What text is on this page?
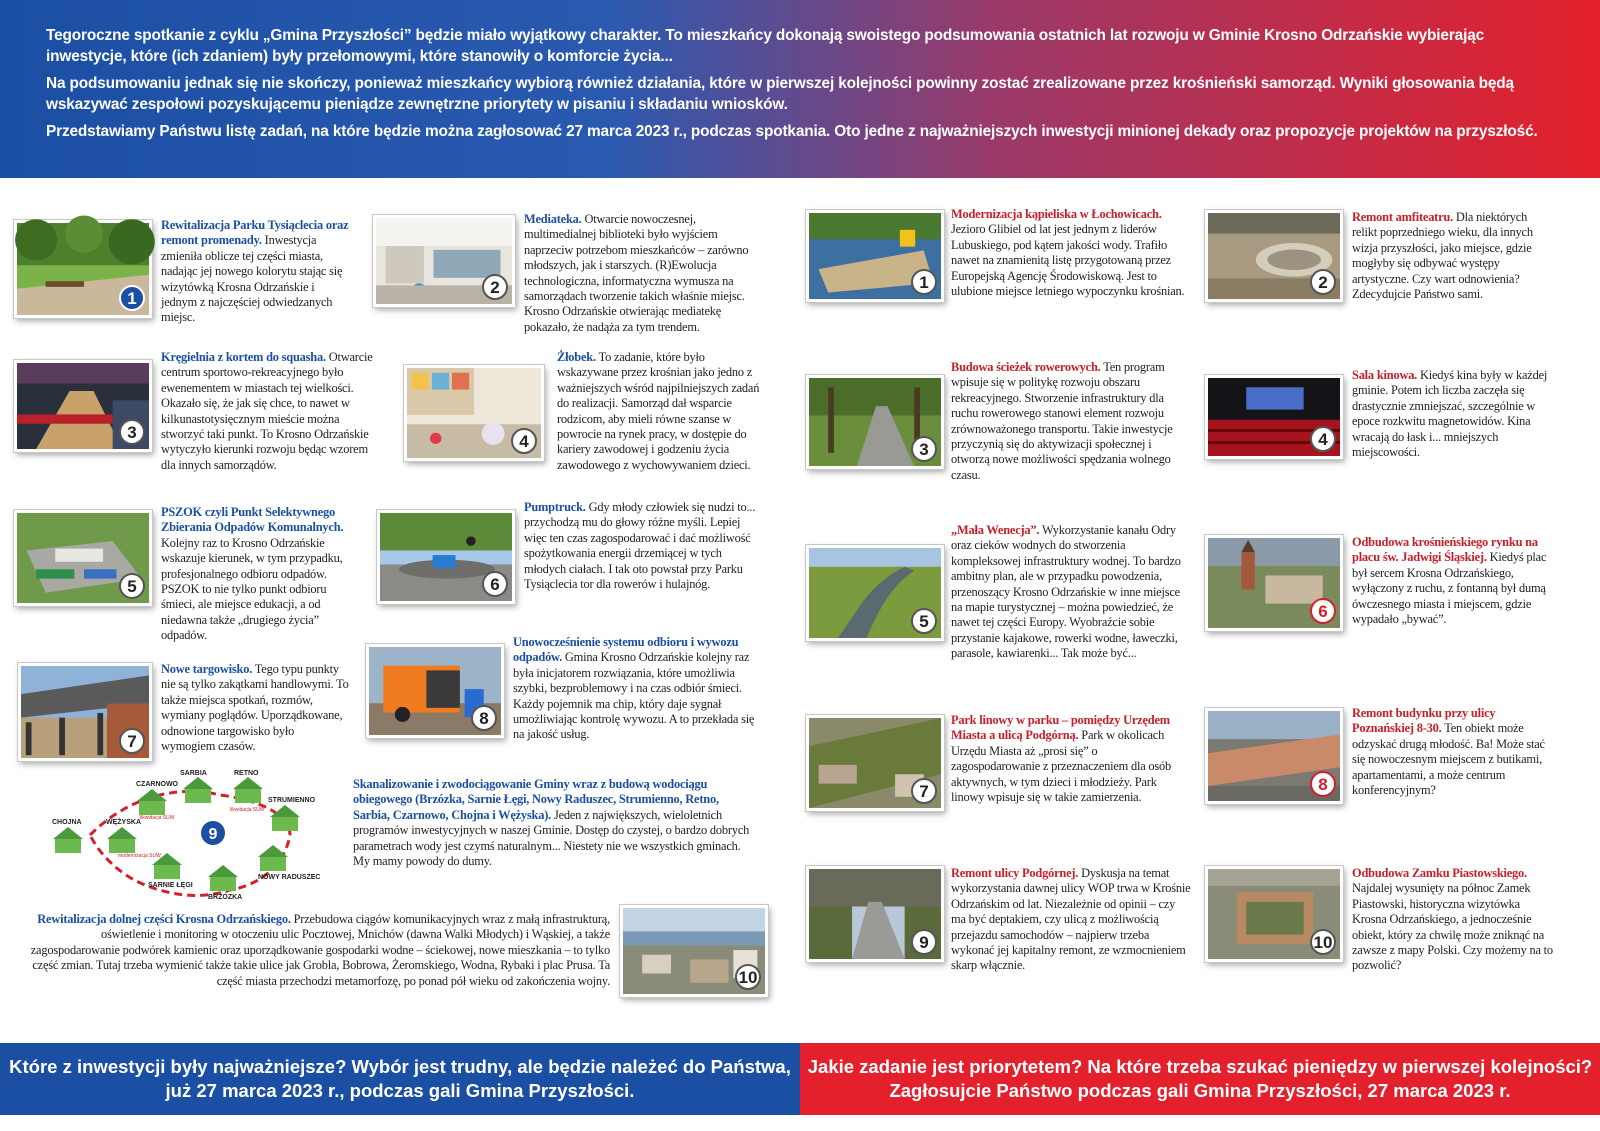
Tegoroczne spotkanie z cyklu „Gmina Przyszłości” będzie miało wyjątkowy charakter. To mieszkańcy dokonają swoistego podsumowania ostatnich lat rozwoju w Gminie Krosno Odrzańskie wybierając inwestycje, które (ich zdaniem) były przełomowymi, które stanowiły o komforcie życia...

Na podsumowaniu jednak się nie skończy, ponieważ mieszkańcy wybiorą również działania, które w pierwszej kolejności powinny zostać zrealizowane przez krośnieński samorząd. Wyniki głosowania będą wskazywać zespołowi pozyskującemu pieniądze zewnętrzne priorytety w pisaniu i składaniu wniosków.

Przedstawiamy Państwu listę zadań, na które będzie można zagłosować 27 marca 2023 r., podczas spotkania. Oto jedne z najważniejszych inwestycji minionej dekady oraz propozycje projektów na przyszłość.

1
Rewitalizacja Parku Tysiąclecia oraz remont promenady. Inwestycja zmieniła oblicze tej części miasta, nadając jej nowego kolorytu stając się wizytówką Krosna Odrzańskie i jednym z najczęściej odwiedzanych miejsc.
2
Mediateka. Otwarcie nowoczesnej, multimedialnej biblioteki było wyjściem naprzeciw potrzebom mieszkańców – zarówno młodszych, jak i starszych. (R)Ewolucja technologiczna, informatyczna wymusza na samorządach tworzenie takich właśnie miejsc. Krosno Odrzańskie otwierając mediatekę pokazało, że nadąża za tym trendem.
3
Kręgielnia z kortem do squasha. Otwarcie centrum sportowo-rekreacyjnego było ewenementem w miastach tej wielkości. Okazało się, że jak się chce, to nawet w kilkunastotysięcznym mieście można stworzyć taki punkt. To Krosno Odrzańskie wytyczyło kierunki rozwoju będąc wzorem dla innych samorządów.
4
Żłobek. To zadanie, które było wskazywane przez krośnian jako jedno z ważniejszych wśród najpilniejszych zadań do realizacji. Samorząd dał wsparcie rodzicom, aby mieli równe szanse w powrocie na rynek pracy, w dostępie do kariery zawodowej i godzeniu życia zawodowego z wychowywaniem dzieci.
5
PSZOK czyli Punkt Selektywnego Zbierania Odpadów Komunalnych. Kolejny raz to Krosno Odrzańskie wskazuje kierunek, w tym przypadku, profesjonalnego odbioru odpadów. PSZOK to nie tylko punkt odbioru śmieci, ale miejsce edukacji, a od niedawna także „drugiego życia” odpadów.
6
Pumptruck. Gdy młody człowiek się nudzi to... przychodzą mu do głowy różne myśli. Lepiej więc ten czas zagospodarować i dać możliwość spożytkowania energii drzemiącej w tych młodych ciałach. I tak oto powstał przy Parku Tysiąclecia tor dla rowerów i hulajnóg.
7
Nowe targowisko. Tego typu punkty nie są tylko zakątkami handlowymi. To także miejsca spotkań, rozmów, wymiany poglądów. Uporządkowane, odnowione targowisko było wymogiem czasów.
8
Unowocześnienie systemu odbioru i wywozu odpadów. Gmina Krosno Odrzańskie kolejny raz była inicjatorem rozwiązania, które umożliwia szybki, bezproblemowy i na czas odbiór śmieci. Każdy pojemnik ma chip, który daje sygnał umożliwiając kontrolę wywozu. A to przekłada się na jakość usług.
9
SARBIA	RETNO
CZARNOWO
STRUMIENNO
CHOJNA	WĘŻYSKA
SARNIE ŁĘGI
BRZÓZKA
NOWY RADUSZEC
likwidacja SUW
likwidacja SUW
modernizacja SUW
Skanalizowanie i zwodociągowanie Gminy wraz z budową wodociągu obiegowego (Brzózka, Sarnie Łęgi, Nowy Raduszec, Strumienno, Retno, Sarbia, Czarnowo, Chojna i Wężyska). Jeden z największych, wieloletnich programów inwestycyjnych w naszej Gminie. Dostęp do czystej, o bardzo dobrych parametrach wody jest czymś naturalnym... Niestety nie we wszystkich gminach. My mamy powody do dumy.
Rewitalizacja dolnej części Krosna Odrzańskiego. Przebudowa ciągów komunikacyjnych wraz z małą infrastrukturą, oświetlenie i monitoring w otoczeniu ulic Pocztowej, Mnichów (dawna Walki Młodych) i Wąskiej, a także zagospodarowanie podwórek kamienic oraz uporządkowanie gospodarki wodne – ściekowej, nowe mieszkania – to tylko część zmian. Tutaj trzeba wymienić także takie ulice jak Grobla, Bobrowa, Żeromskiego, Wodna, Rybaki i plac Prusa. Ta część miasta przechodzi metamorfozę, po ponad pół wieku od zakończenia wojny.	10
1
Modernizacja kąpieliska w Łochowicach. Jezioro Glibiel od lat jest jednym z liderów Lubuskiego, pod kątem jakości wody. Trafiło nawet na znamienitą listę przygotowaną przez Europejską Agencję Środowiskową. Jest to ulubione miejsce letniego wypoczynku krośnian.	2
Remont amfiteatru. Dla niektórych relikt poprzedniego wieku, dla innych wizja przyszłości, jako miejsce, gdzie mogłyby się odbywać występy artystyczne. Czy wart odnowienia? Zdecydujcie Państwo sami.
3
Budowa ścieżek rowerowych. Ten program wpisuje się w politykę rozwoju obszaru rekreacyjnego. Stworzenie infrastruktury dla ruchu rowerowego stanowi element rozwoju zrównoważonego transportu. Takie inwestycje przyczynią się do aktywizacji społecznej i otworzą nowe możliwości spędzania wolnego czasu.
4
Sala kinowa. Kiedyś kina były w każdej gminie. Potem ich liczba zaczęła się drastycznie zmniejszać, szczególnie w epoce rozkwitu magnetowidów. Kina wracają do łask i... mniejszych miejscowości.
5
„Mała Wenecja”. Wykorzystanie kanału Odry oraz cieków wodnych do stworzenia kompleksowej infrastruktury wodnej. To bardzo ambitny plan, ale w przypadku powodzenia, przenoszący Krosno Odrzańskie w inne miejsce na mapie turystycznej – można powiedzieć, że nawet tej części Europy. Wyobraźcie sobie przystanie kajakowe, rowerki wodne, ławeczki, parasole, kawiarenki... Tak może być...
6
Odbudowa krośnieńskiego rynku na placu św. Jadwigi Śląskiej. Kiedyś plac był sercem Krosna Odrzańskiego, wyłączony z ruchu, z fontanną był dumą ówczesnego miasta i miejscem, gdzie wypadało „bywać”.
7
Park linowy w parku – pomiędzy Urzędem Miasta a ulicą Podgórną. Park w okolicach Urzędu Miasta aż „prosi się” o zagospodarowanie z przeznaczeniem dla osób aktywnych, w tym dzieci i młodzieży. Park linowy wpisuje się w takie zamierzenia.
8
Remont budynku przy ulicy Poznańskiej 8-30. Ten obiekt może odzyskać drugą młodość. Ba! Może stać się nowoczesnym miejscem z butikami, apartamentami, a może centrum konferencyjnym?
9
Remont ulicy Podgórnej. Dyskusja na temat wykorzystania dawnej ulicy WOP trwa w Krośnie Odrzańskim od lat. Niezależnie od opinii – czy ma być deptakiem, czy ulicą z możliwością przejazdu samochodów – najpierw trzeba wykonać jej kapitalny remont, ze wzmocnieniem skarp włącznie.
10
Odbudowa Zamku Piastowskiego. Najdalej wysunięty na północ Zamek Piastowski, historyczna wizytówka Krosna Odrzańskiego, a jednocześnie obiekt, który za chwilę może zniknąć na zawsze z mapy Polski. Czy możemy na to pozwolić?
Które z inwestycji były najważniejsze? Wybór jest trudny, ale będzie należeć do Państwa, już 27 marca 2023 r., podczas gali Gmina Przyszłości.
Jakie zadanie jest priorytetem? Na które trzeba szukać pieniędzy w pierwszej kolejności? Zagłosujcie Państwo podczas gali Gmina Przyszłości, 27 marca 2023 r.
